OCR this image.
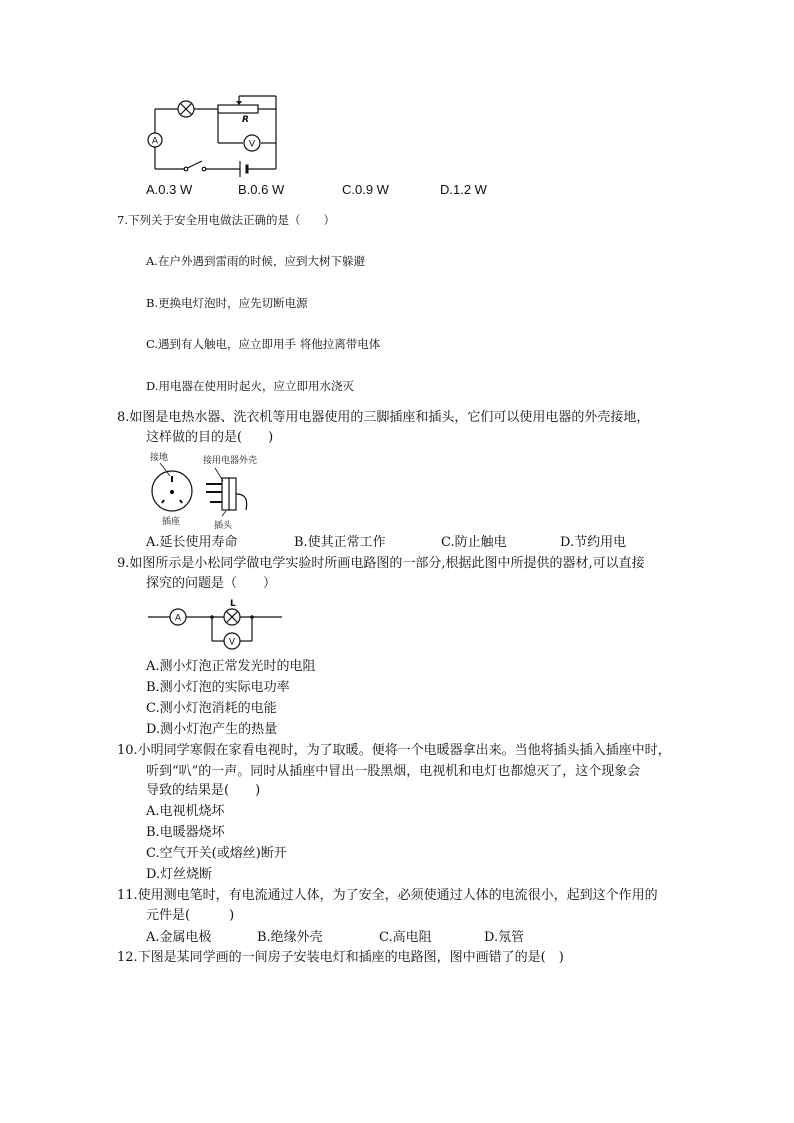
R
A	V
A.0.3 W	B.0.6 W	C.0.9 W	D.1.2 W
7.下列关于安全用电做法正确的是（　　）
A.在户外遇到雷雨的时候，应到大树下躲避
B.更换电灯泡时，应先切断电源
C.遇到有人触电，应立即用手 将他拉离带电体
D.用电器在使用时起火，应立即用水浇灭
8.如图是电热水器、洗衣机等用电器使用的三脚插座和插头，它们可以使用电器的外壳接地，
这样做的目的是(　　)
接地	接用电器外壳
插座	插头
A.延长使用寿命	B.使其正常工作	C.防止触电	D.节约用电
9.如图所示是小松同学做电学实验时所画电路图的一部分,根据此图中所提供的器材,可以直接
探究的问题是（　　）
A
L
V
A.测小灯泡正常发光时的电阻
B.测小灯泡的实际电功率
C.测小灯泡消耗的电能
D.测小灯泡产生的热量
10.小明同学寒假在家看电视时，为了取暖。便将一个电暖器拿出来。当他将插头插入插座中时，
听到“叭”的一声。同时从插座中冒出一股黑烟，电视机和电灯也都熄灭了，这个现象会
导致的结果是(　　)
A.电视机烧坏
B.电暖器烧坏
C.空气开关(或熔丝)断开
D.灯丝烧断
11.使用测电笔时，有电流通过人体，为了安全，必须使通过人体的电流很小，起到这个作用的
元件是(　　　)
A.金属电极	B.绝缘外壳	C.高电阻	D.氖管
12.下图是某同学画的一间房子安装电灯和插座的电路图，图中画错了的是(　)
